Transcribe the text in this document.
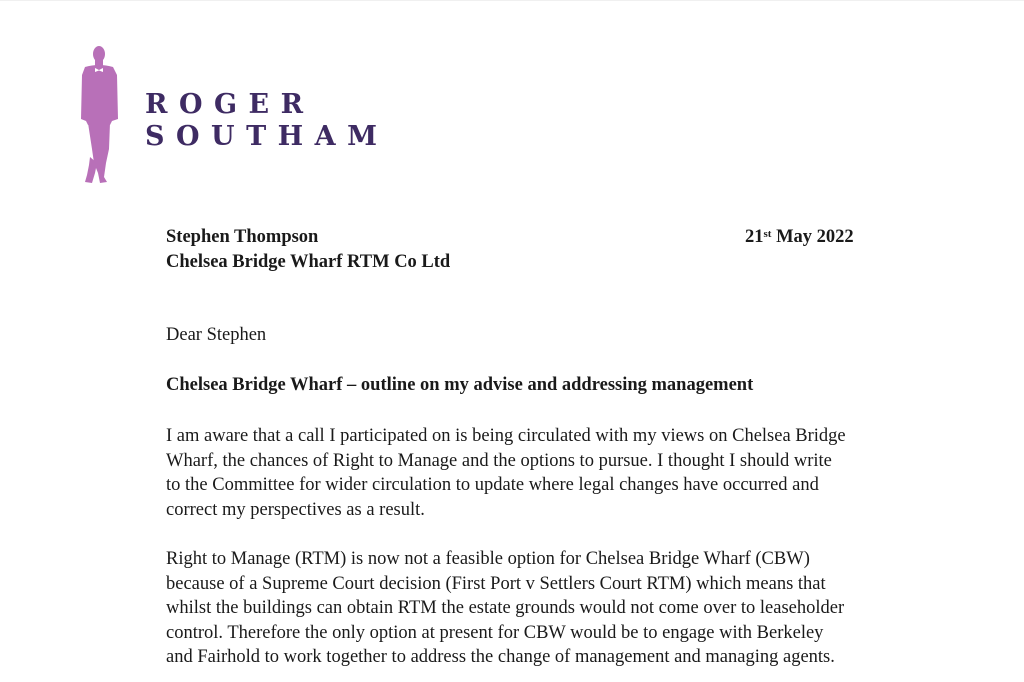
ROGER
SOUTHAM
Stephen Thompson
Chelsea Bridge Wharf RTM Co Ltd
21st May 2022
Dear Stephen
Chelsea Bridge Wharf – outline on my advise and addressing management
I am aware that a call I participated on is being circulated with my views on Chelsea Bridge
Wharf, the chances of Right to Manage and the options to pursue. I thought I should write
to the Committee for wider circulation to update where legal changes have occurred and
correct my perspectives as a result.
Right to Manage (RTM) is now not a feasible option for Chelsea Bridge Wharf (CBW)
because of a Supreme Court decision (First Port v Settlers Court RTM) which means that
whilst the buildings can obtain RTM the estate grounds would not come over to leaseholder
control. Therefore the only option at present for CBW would be to engage with Berkeley
and Fairhold to work together to address the change of management and managing agents.
